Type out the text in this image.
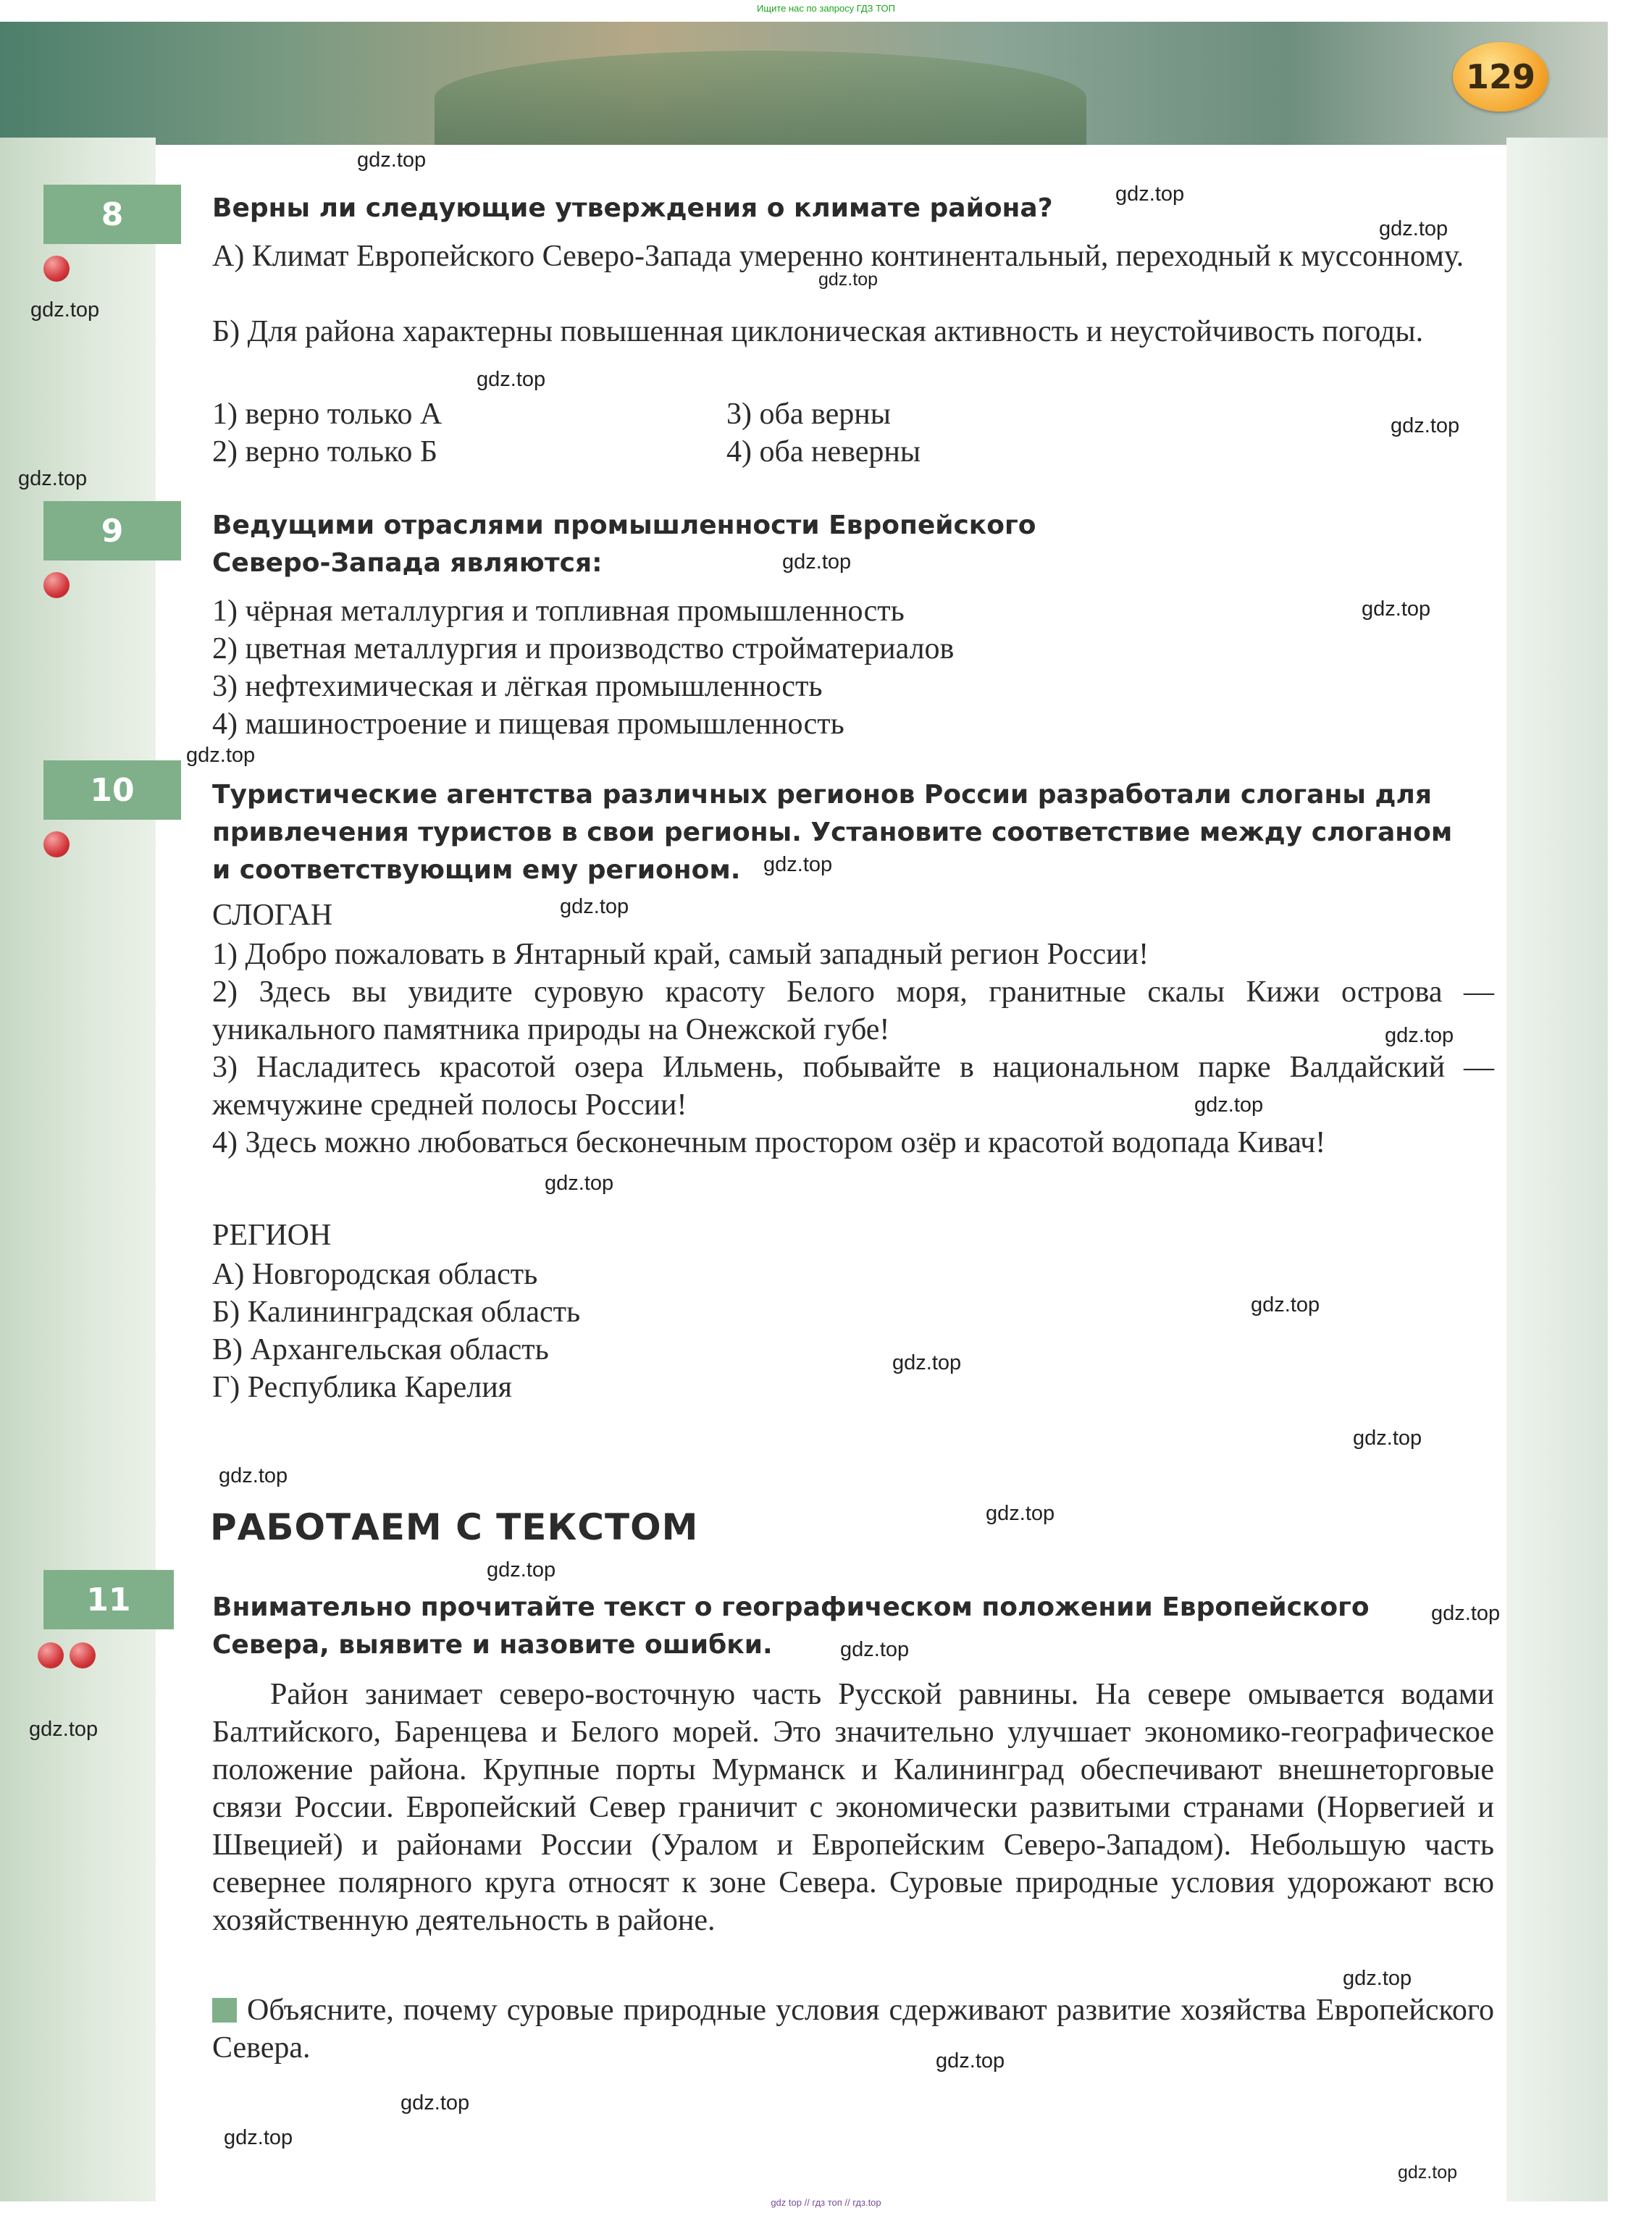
Ищите нас по запросу ГДЗ ТОП
129
8	Верны ли следующие утверждения о климате района?
А) Климат Европейского Северо-Запада умеренно континентальный, переходный к муссонному.
Б) Для района характерны повышенная циклоническая активность и неустойчивость погоды.
1) верно только А
2) верно только Б
3) оба верны
4) оба неверны
9	Ведущими отраслями промышленности Европейского
Северо-Запада являются:
1) чёрная металлургия и топливная промышленность
2) цветная металлургия и производство стройматериалов
3) нефтехимическая и лёгкая промышленность
4) машиностроение и пищевая промышленность
10	Туристические агентства различных регионов России разработали слоганы для
привлечения туристов в свои регионы. Установите соответствие между слоганом
и соответствующим ему регионом.
СЛОГАН
1) Добро пожаловать в Янтарный край, самый западный регион России!
2) Здесь вы увидите суровую красоту Белого моря, гранитные скалы Кижи острова — уникального памятника природы на Онежской губе!
3) Насладитесь красотой озера Ильмень, побывайте в национальном парке Валдайский — жемчужине средней полосы России!
4) Здесь можно любоваться бесконечным простором озёр и красотой водопада Кивач!
РЕГИОН
А) Новгородская область
Б) Калининградская область
В) Архангельская область
Г) Республика Карелия
РАБОТАЕМ С ТЕКСТОМ
11	Внимательно прочитайте текст о географическом положении Европейского
Севера, выявите и назовите ошибки.
Район занимает северо-восточную часть Русской равнины. На севере омывается водами Балтийского, Баренцева и Белого морей. Это значительно улучшает экономико-географическое положение района. Крупные порты Мурманск и Калининград обеспечивают внешнеторговые связи России. Европейский Север граничит с экономически развитыми странами (Норвегией и Швецией) и районами России (Уралом и Европейским Северо-Западом). Небольшую часть севернее полярного круга относят к зоне Севера. Суровые природные условия удорожают всю хозяйственную деятельность в районе.
Объясните, почему суровые природные условия сдерживают развитие хозяйства Европейского Севера.
gdz.top
gdz.top
gdz.top
gdz.top
gdz.top
gdz.top
gdz.top
gdz.top
gdz.top
gdz.top
gdz.top
gdz.top
gdz.top
gdz.top
gdz.top
gdz.top
gdz.top
gdz.top
gdz.top
gdz.top
gdz.top
gdz.top
gdz.top
gdz.top
gdz.top
gdz.top
gdz.top
gdz.top
gdz.top
gdz.top
gdz top // гдз топ // гдз.top
